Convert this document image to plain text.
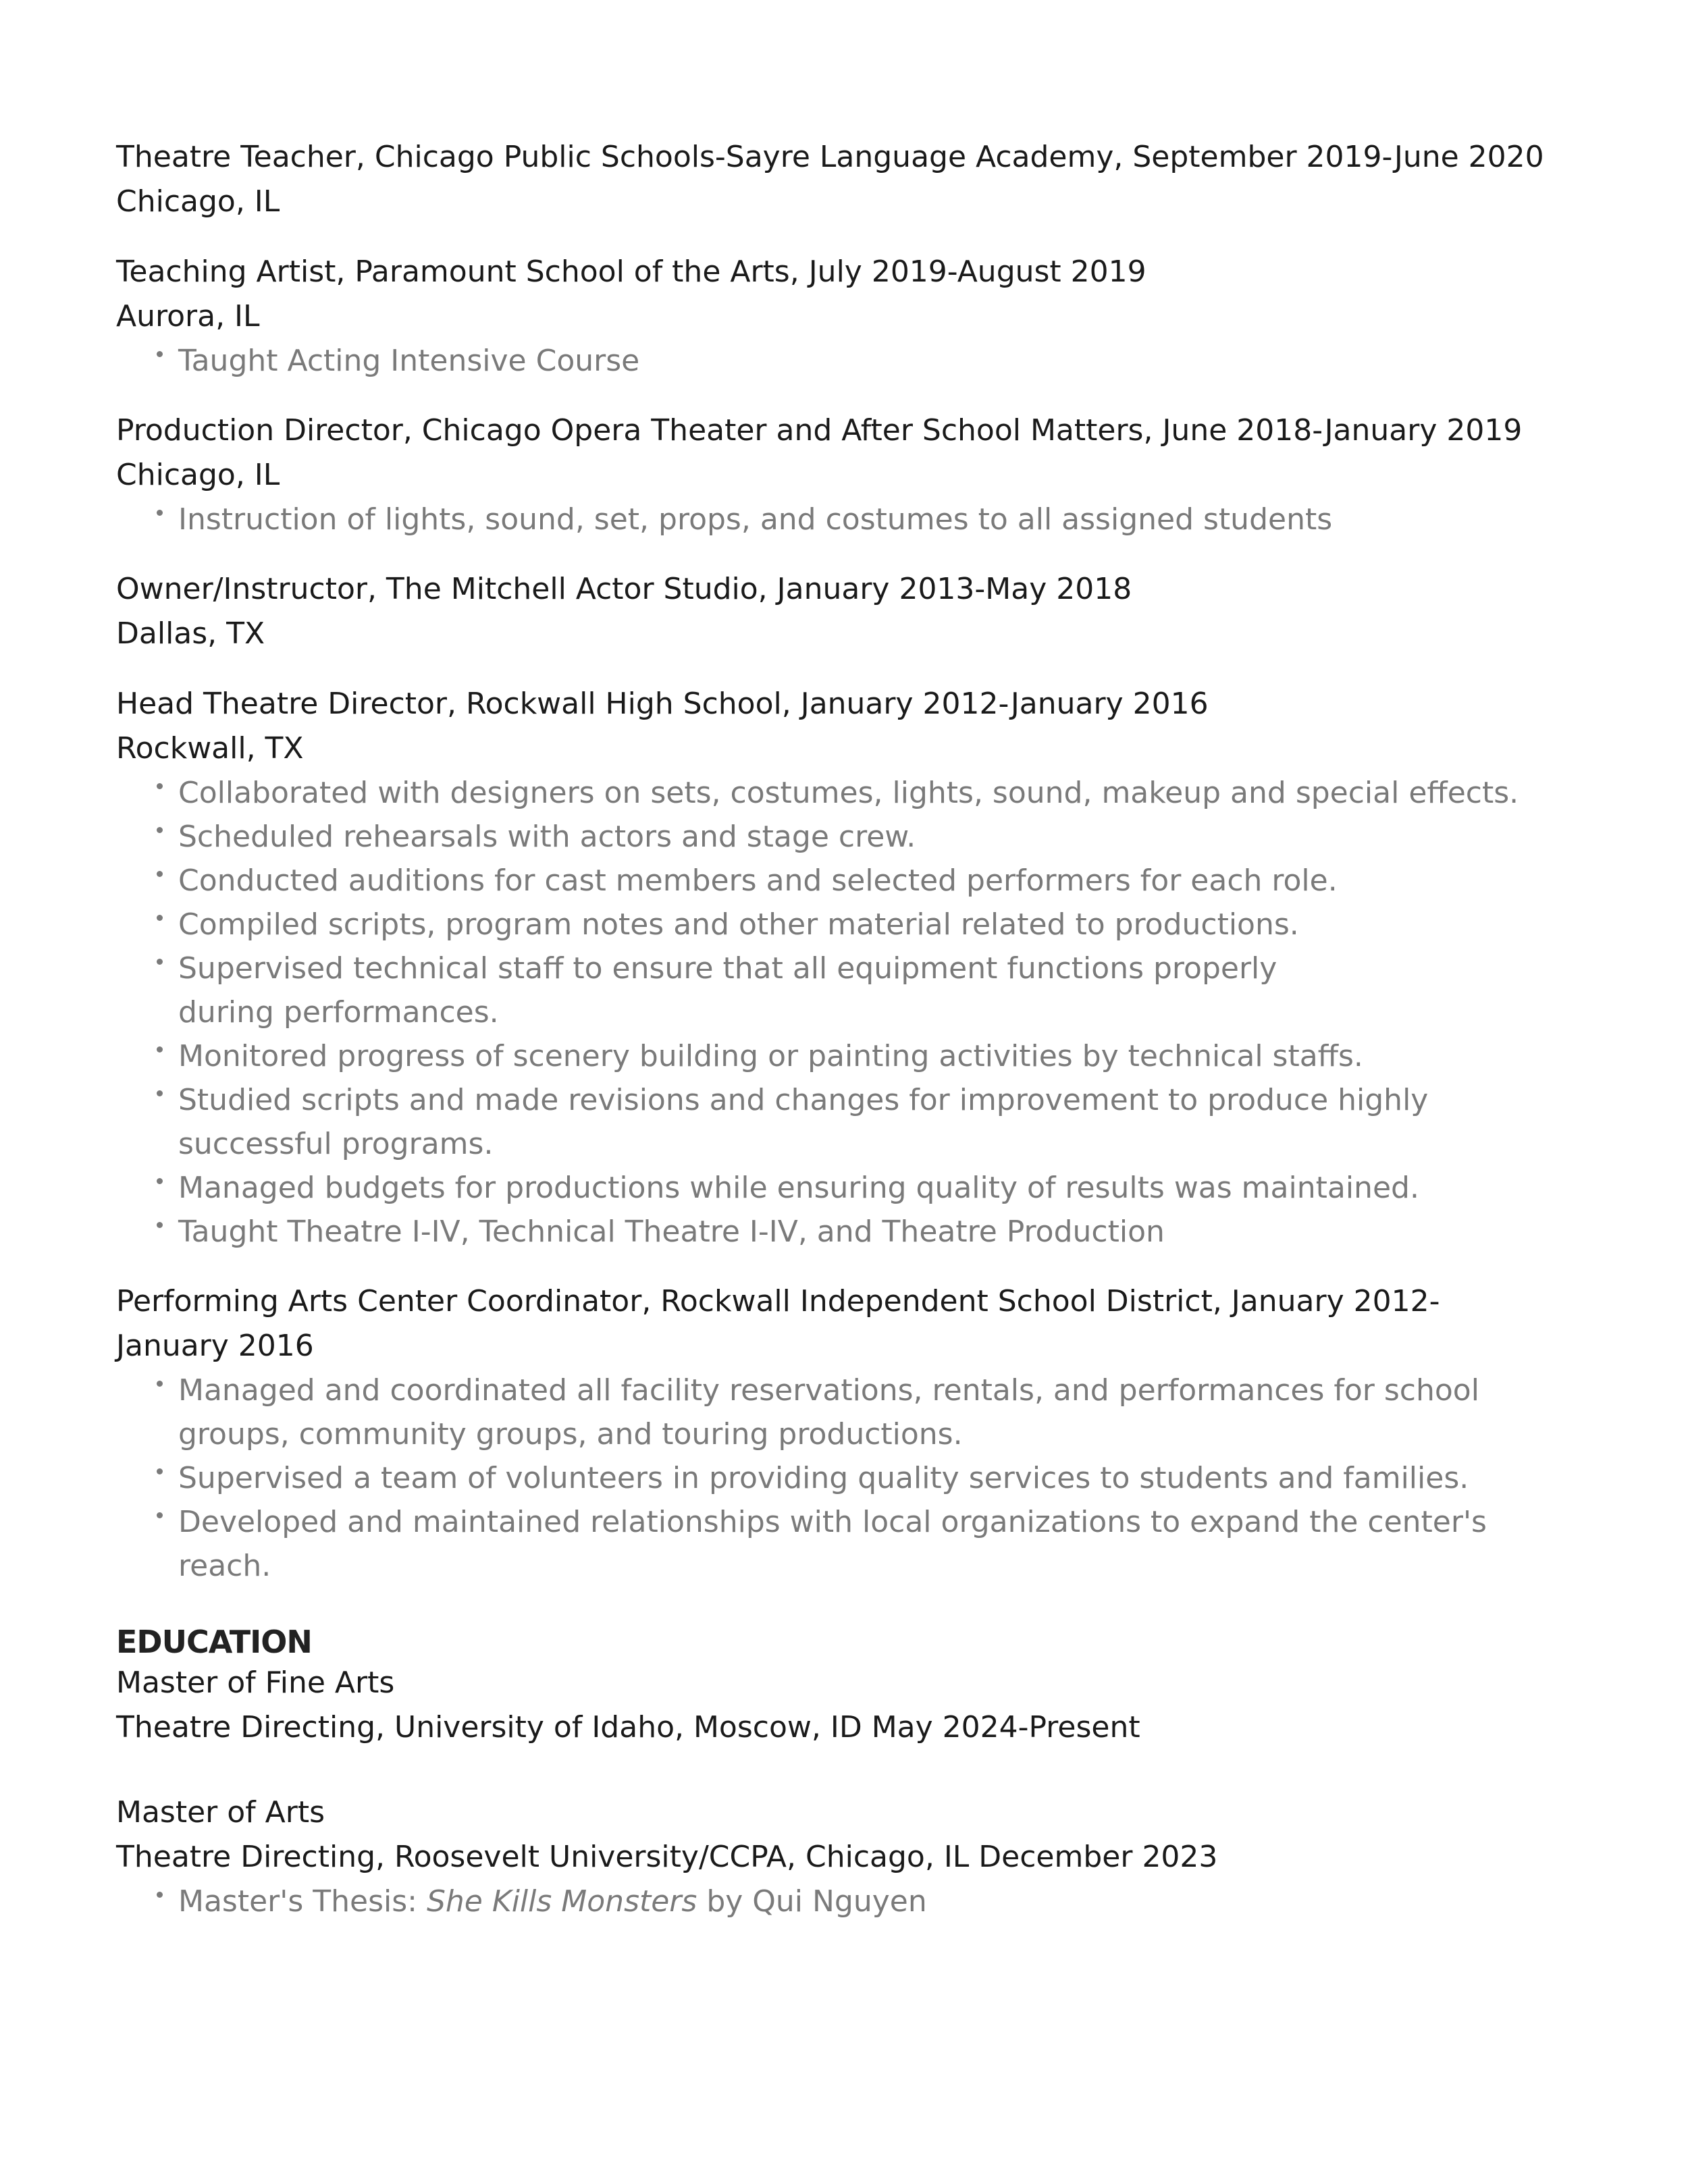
Theatre Teacher, Chicago Public Schools-Sayre Language Academy, September 2019-June 2020

Chicago, IL

Teaching Artist, Paramount School of the Arts, July 2019-August 2019

Aurora, IL

Taught Acting Intensive Course

Production Director, Chicago Opera Theater and After School Matters, June 2018-January 2019

Chicago, IL

Instruction of lights, sound, set, props, and costumes to all assigned students

Owner/Instructor, The Mitchell Actor Studio, January 2013-May 2018

Dallas, TX

Head Theatre Director, Rockwall High School, January 2012-January 2016

Rockwall, TX

Collaborated with designers on sets, costumes, lights, sound, makeup and special effects.
Scheduled rehearsals with actors and stage crew.
Conducted auditions for cast members and selected performers for each role.
Compiled scripts, program notes and other material related to productions.
Supervised technical staff to ensure that all equipment functions properly during performances.
Monitored progress of scenery building or painting activities by technical staffs.
Studied scripts and made revisions and changes for improvement to produce highly successful programs.
Managed budgets for productions while ensuring quality of results was maintained.
Taught Theatre I-IV, Technical Theatre I-IV, and Theatre Production

Performing Arts Center Coordinator, Rockwall Independent School District, January 2012-January 2016

Managed and coordinated all facility reservations, rentals, and performances for school groups, community groups, and touring productions.
Supervised a team of volunteers in providing quality services to students and families.
Developed and maintained relationships with local organizations to expand the center's reach.
EDUCATION

Master of Fine Arts

Theatre Directing, University of Idaho, Moscow, ID May 2024-Present

Master of Arts

Theatre Directing, Roosevelt University/CCPA, Chicago, IL December 2023

Master's Thesis: She Kills Monsters by Qui Nguyen
